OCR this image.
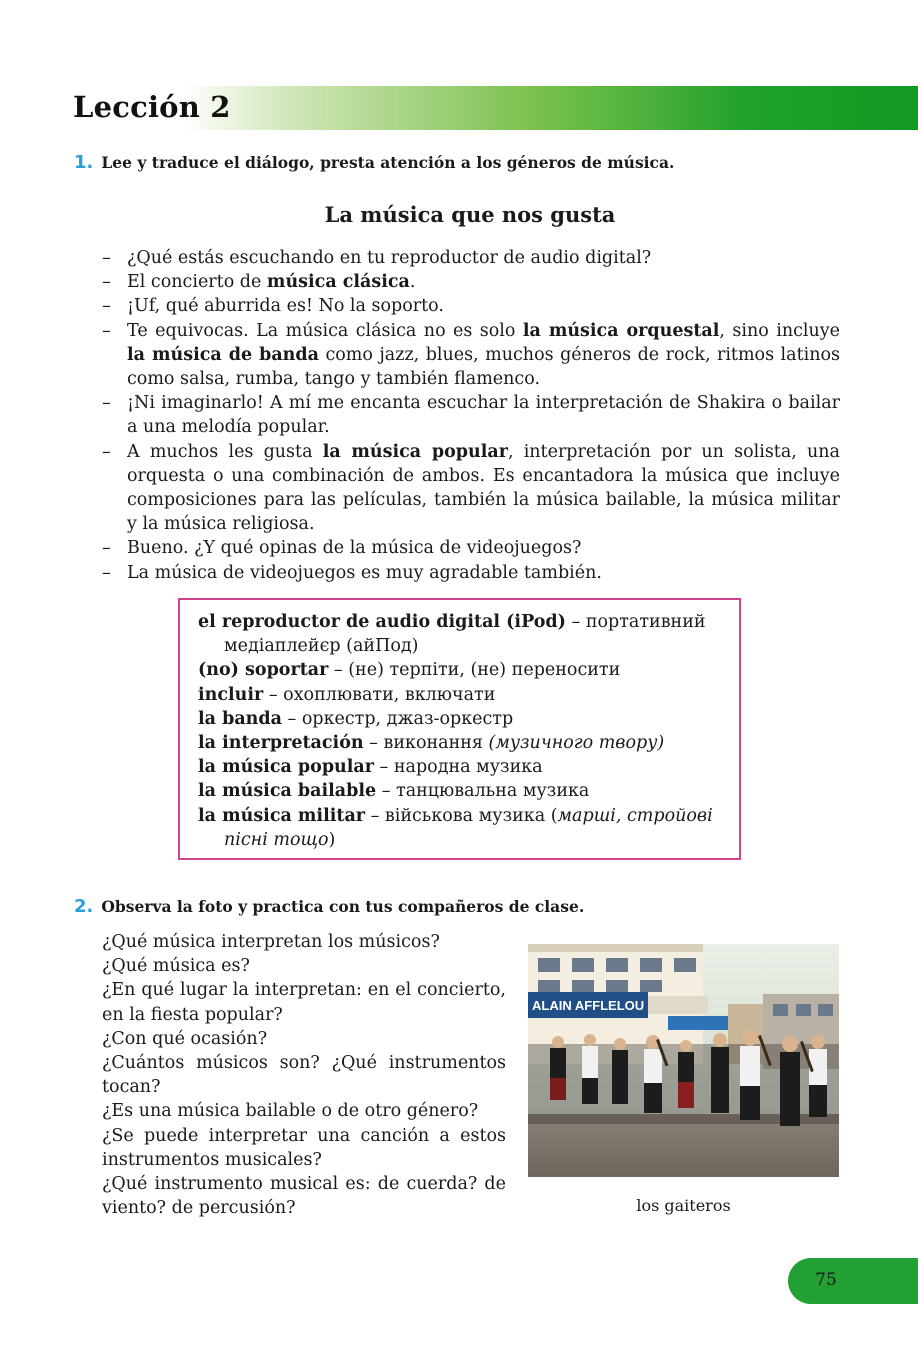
Lección 2
1. Lee y traduce el diálogo, presta atención a los géneros de música.
La música que nos gusta
– ¿Qué estás escuchando en tu reproductor de audio digital?
– El concierto de música clásica.
– ¡Uf, qué aburrida es! No la soporto.
– Te equivocas. La música clásica no es solo la música orquestal, sino incluye la música de banda como jazz, blues, muchos géneros de rock, ritmos latinos como salsa, rumba, tango y también flamenco.
– ¡Ni imaginarlo! A mí me encanta escuchar la interpretación de Shakira o bailar a una melodía popular.
– A muchos les gusta la música popular, interpretación por un solista, una orquesta o una combinación de ambos. Es encantadora la música que incluye composiciones para las películas, también la música bailable, la música militar y la música religiosa.
– Bueno. ¿Y qué opinas de la música de videojuegos?
– La música de videojuegos es muy agradable también.
el reproductor de audio digital (iPod) – портативний медіаплейєр (айПод)
(no) soportar – (не) терпіти, (не) переносити
incluir – охоплювати, включати
la banda – оркестр, джаз-оркестр
la interpretación – виконання (музичного твору)
la música popular – народна музика
la música bailable – танцювальна музика
la música militar – військова музика (марші, стройові пісні тощо)
2. Observa la foto y practica con tus compañeros de clase.

¿Qué música interpretan los músicos?

¿Qué música es?

¿En qué lugar la interpretan: en el concierto, en la fiesta popular?

¿Con qué ocasión?

¿Cuántos músicos son? ¿Qué instrumentos tocan?

¿Es una música bailable o de otro género?

¿Se puede interpretar una canción a estos instrumentos musicales?

¿Qué instrumento musical es: de cuerda? de viento? de percusión?

ALAIN AFFLELOU
los gaiteros
75
